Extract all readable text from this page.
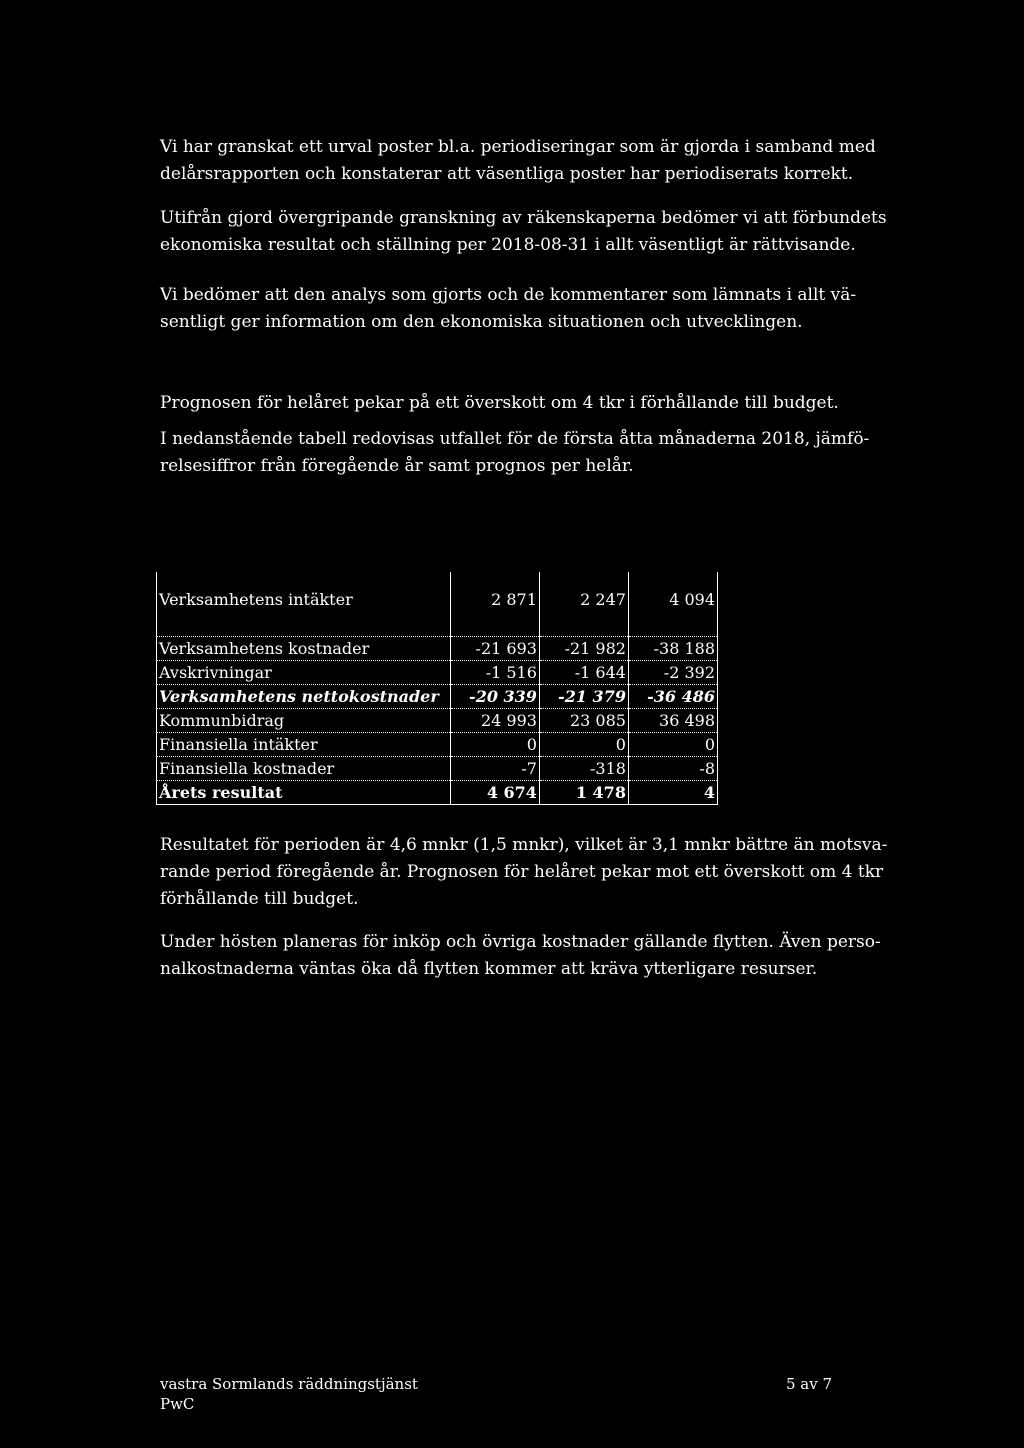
Vi har granskat ett urval poster bl.a. periodiseringar som är gjorda i samband med
delårsrapporten och konstaterar att väsentliga poster har periodiserats korrekt.

Utifrån gjord övergripande granskning av räkenskaperna bedömer vi att förbundets
ekonomiska resultat och ställning per 2018-08-31 i allt väsentligt är rättvisande.

Vi bedömer att den analys som gjorts och de kommentarer som lämnats i allt vä-
sentligt ger information om den ekonomiska situationen och utvecklingen.

Prognosen för helåret pekar på ett överskott om 4 tkr i förhållande till budget.

I nedanstående tabell redovisas utfallet för de första åtta månaderna 2018, jämfö-
relsesiffror från föregående år samt prognos per helår.

Verksamhetens intäkter	2 871	2 247	4 094

Verksamhetens kostnader	-21 693	-21 982	-38 188
Avskrivningar	-1 516	-1 644	-2 392
Verksamhetens nettokostnader	-20 339	-21 379	-36 486
Kommunbidrag	24 993	23 085	36 498
Finansiella intäkter	0	0	0
Finansiella kostnader	-7	-318	-8
Årets resultat	4 674	1 478	4

Resultatet för perioden är 4,6 mnkr (1,5 mnkr), vilket är 3,1 mnkr bättre än motsva-
rande period föregående år. Prognosen för helåret pekar mot ett överskott om 4 tkr
förhållande till budget.

Under hösten planeras för inköp och övriga kostnader gällande flytten. Även perso-
nalkostnaderna väntas öka då flytten kommer att kräva ytterligare resurser.

vastra Sormlands räddningstjänst
PwC
5 av 7
